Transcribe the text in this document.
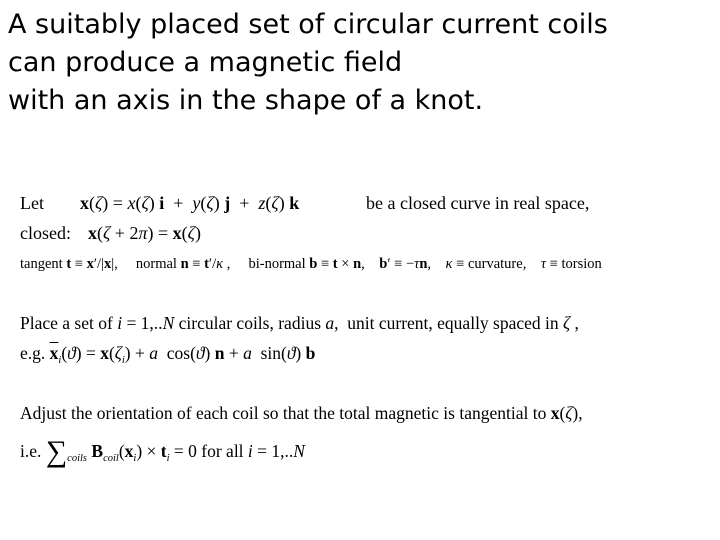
A suitably placed set of circular current coils
can produce a magnetic field
with an axis in the shape of a knot.
Let x(ζ) = x(ζ) i  +  y(ζ) j  +  z(ζ) k	be a closed curve in real space,
closed: x(ζ + 2π) = x(ζ)
tangent t ≡ x′/|x|,     normal n ≡ t′/κ ,     bi-normal b ≡ t × n,    b′ ≡ −τn,    κ ≡ curvature, τ ≡ torsion
Place a set of i = 1,..N circular coils, radius a,  unit current, equally spaced in ζ ,
e.g. $\overline{x}_i(ϑ) = x(\zeta_i) + a$  cos(ϑ) n + a  sin(ϑ) b
Adjust the orientation of each coil so that the total magnetic is tangential to x(ζ),
i.e. $\sum_{coils}$ $B_{coil}(x_i) \times t_i = 0$ for all i = 1,..N
